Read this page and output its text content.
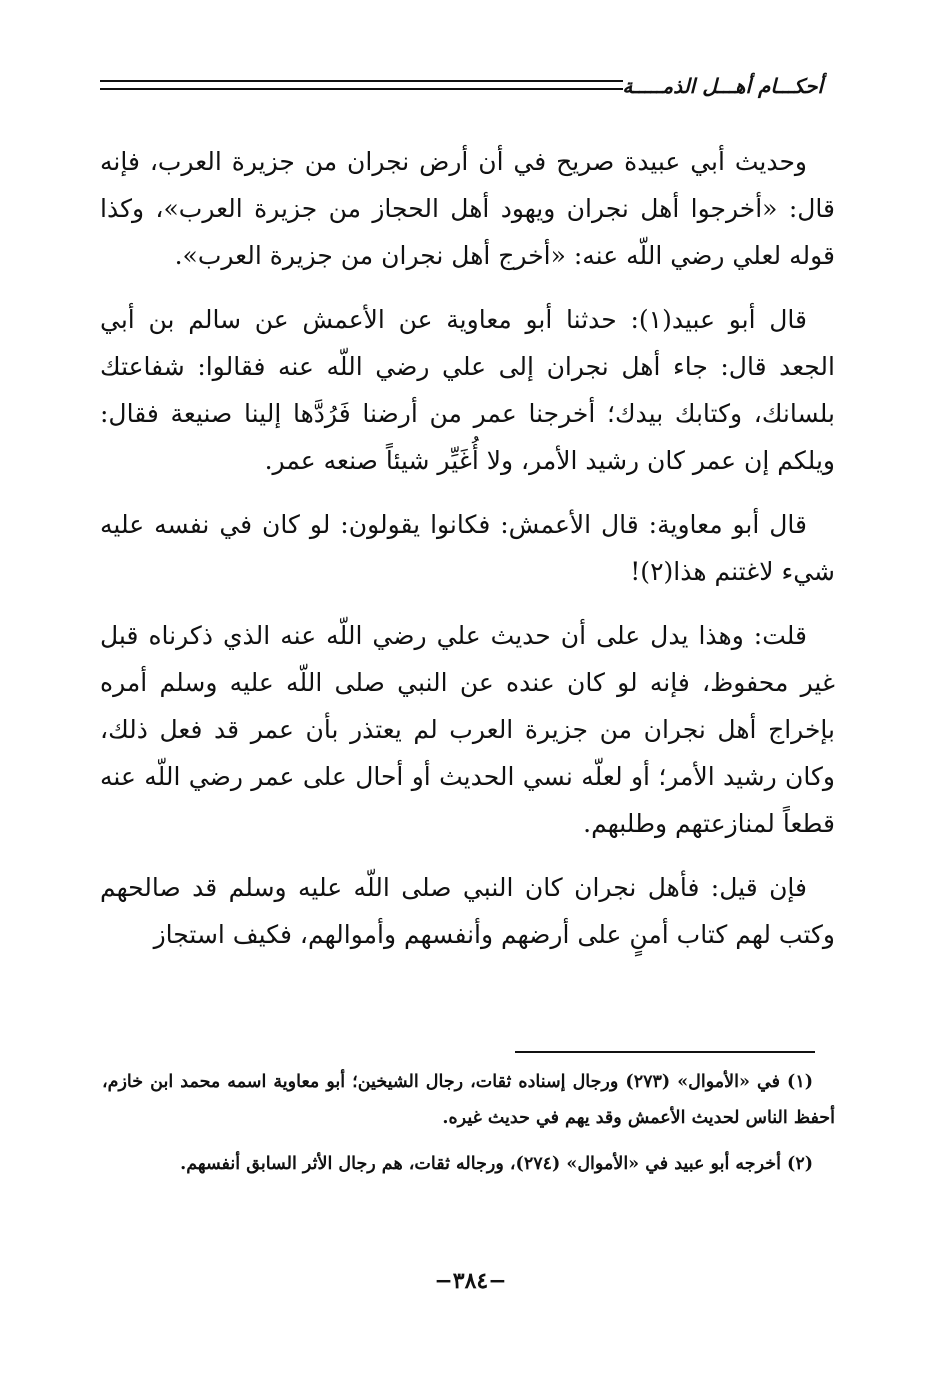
أحكـــام أهـــل الذمـــــة

وحديث أبي عبيدة صريح في أن أرض نجران من جزيرة العرب، فإنه قال: «أخرجوا أهل نجران ويهود أهل الحجاز من جزيرة العرب»، وكذا قوله لعلي رضي اللّه عنه: «أخرج أهل نجران من جزيرة العرب».

قال أبو عبيد(١): حدثنا أبو معاوية عن الأعمش عن سالم بن أبي الجعد قال: جاء أهل نجران إلى علي رضي اللّه عنه فقالوا: شفاعتك بلسانك، وكتابك بيدك؛ أخرجنا عمر من أرضنا فَرُدَّها إلينا صنيعة فقال: ويلكم إن عمر كان رشيد الأمر، ولا أُغَيِّر شيئاً صنعه عمر.

قال أبو معاوية: قال الأعمش: فكانوا يقولون: لو كان في نفسه عليه شيء لاغتنم هذا(٢)!

قلت: وهذا يدل على أن حديث علي رضي اللّه عنه الذي ذكرناه قبل غير محفوظ، فإنه لو كان عنده عن النبي صلى اللّه عليه وسلم أمره بإخراج أهل نجران من جزيرة العرب لم يعتذر بأن عمر قد فعل ذلك، وكان رشيد الأمر؛ أو لعلّه نسي الحديث أو أحال على عمر رضي اللّه عنه قطعاً لمنازعتهم وطلبهم.

فإن قيل: فأهل نجران كان النبي صلى اللّه عليه وسلم قد صالحهم وكتب لهم كتاب أمنٍ على أرضهم وأنفسهم وأموالهم، فكيف استجاز

(١) في «الأموال» (٢٧٣) ورجال إسناده ثقات، رجال الشيخين؛ أبو معاوية اسمه محمد ابن خازم، أحفظ الناس لحديث الأعمش وقد يهم في حديث غيره.

(٢) أخرجه أبو عبيد في «الأموال» (٢٧٤)، ورجاله ثقات، هم رجال الأثر السابق أنفسهم.

−٣٨٤−
